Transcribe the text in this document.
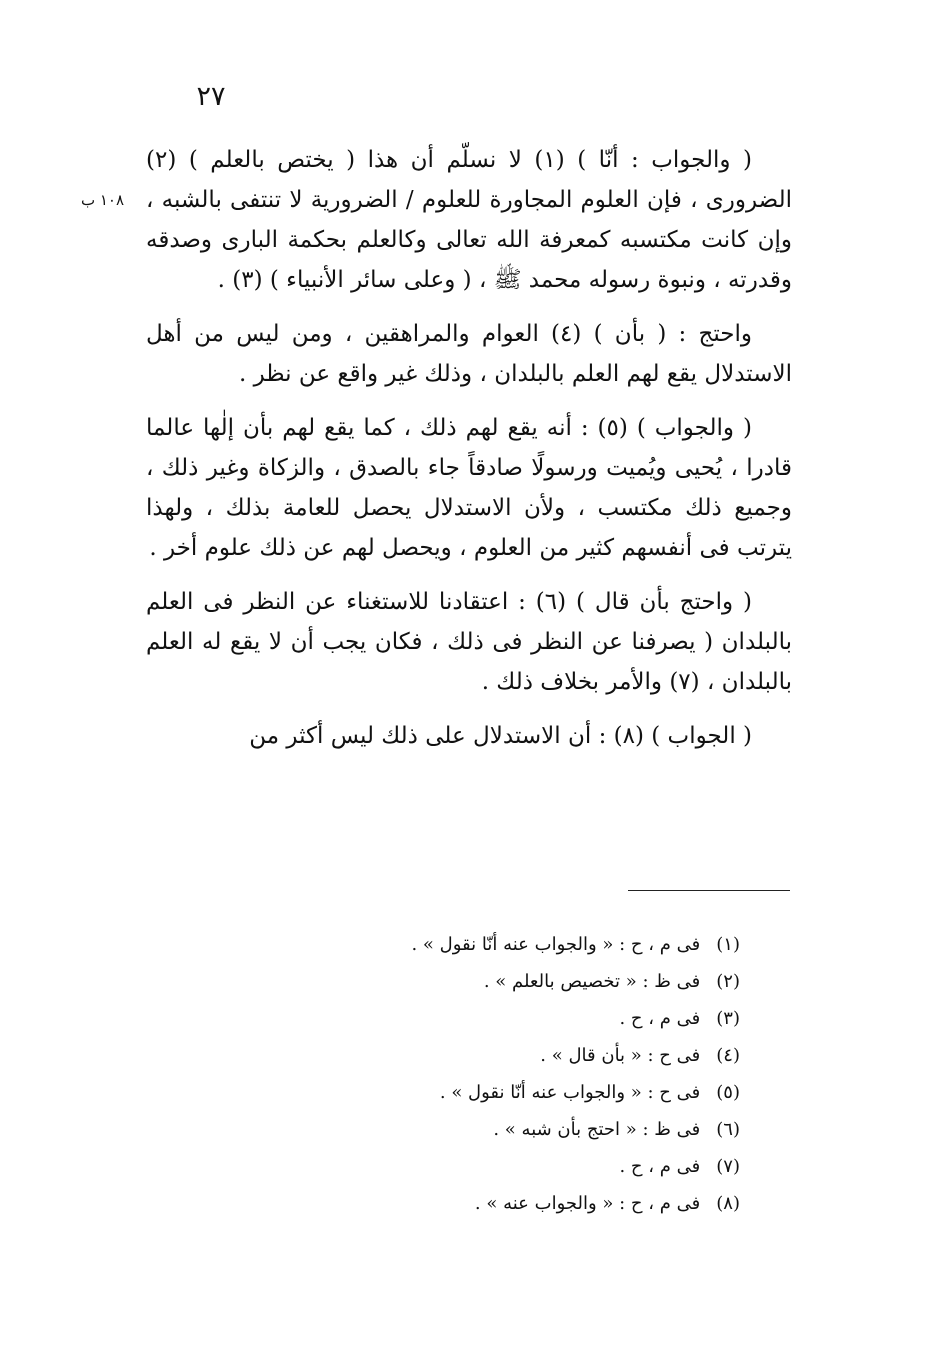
٢٧
١٠٨ ب

( والجواب : أنّا ) (١) لا نسلّم أن هذا ( يختص بالعلم ) (٢) الضرورى ، فإن العلوم المجاورة للعلوم / الضرورية لا تنتفى بالشبه ، وإن كانت مكتسبه كمعرفة الله تعالى وكالعلم بحكمة البارى وصدقه وقدرته ، ونبوة رسوله محمد ﷺ ، ( وعلى سائر الأنبياء ) (٣) .

واحتج : ( بأن ) (٤) العوام والمراهقين ، ومن ليس من أهل الاستدلال يقع لهم العلم بالبلدان ، وذلك غير واقع عن نظر .

( والجواب ) (٥) : أنه يقع لهم ذلك ، كما يقع لهم بأن إلٰها عالما قادرا ، يُحيى ويُميت ورسولًا صادقاً جاء بالصدق ، والزكاة وغير ذلك ، وجميع ذلك مكتسب ، ولأن الاستدلال يحصل للعامة بذلك ، ولهذا يترتب فى أنفسهم كثير من العلوم ، ويحصل لهم عن ذلك علوم أخر .

( واحتج بأن قال ) (٦) : اعتقادنا للاستغناء عن النظر فى العلم بالبلدان ( يصرفنا عن النظر فى ذلك ، فكان يجب أن لا يقع له العلم بالبلدان ، (٧) والأمر بخلاف ذلك .

( الجواب ) (٨) : أن الاستدلال على ذلك ليس أكثر من

(١) فى م ، ح : « والجواب عنه أنّا نقول » .
(٢) فى ظ : « تخصيص بالعلم » .
(٣) فى م ، ح .
(٤) فى ح : « بأن قال » .
(٥) فى ح : « والجواب عنه أنّا نقول » .
(٦) فى ظ : « احتج بأن شبه » .
(٧) فى م ، ح .
(٨) فى م ، ح : « والجواب عنه » .
